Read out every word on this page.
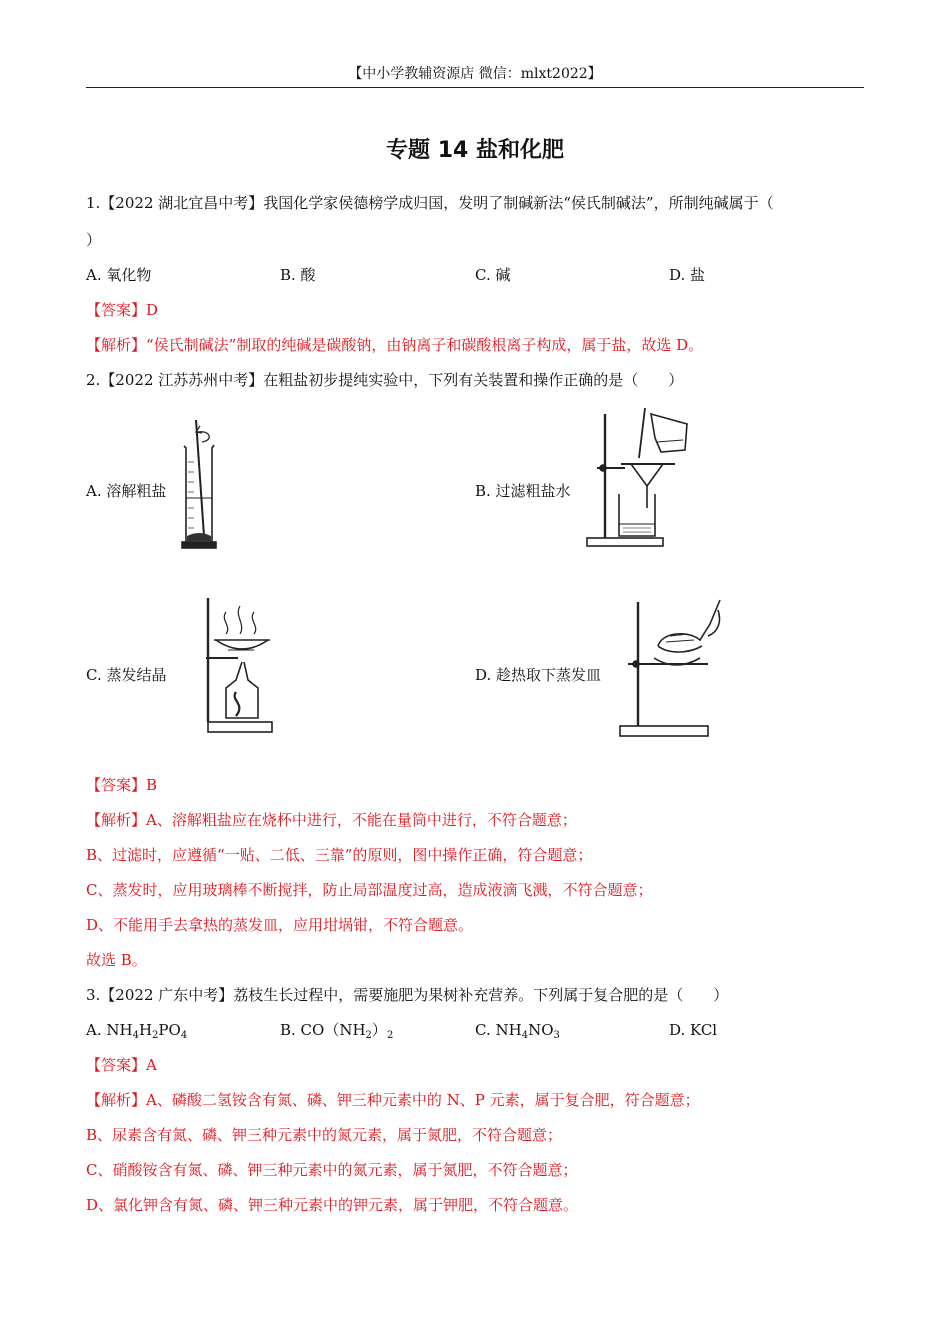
【中小学教辅资源店 微信：mlxt2022】
专题 14 盐和化肥
1.【2022 湖北宜昌中考】我国化学家侯德榜学成归国，发明了制碱新法“侯氏制碱法”，所制纯碱属于（
）
A. 氧化物	B. 酸	C. 碱	D. 盐
【答案】D
【解析】“侯氏制碱法”制取的纯碱是碳酸钠，由钠离子和碳酸根离子构成，属于盐，故选 D。
2.【2022 江苏苏州中考】在粗盐初步提纯实验中，下列有关装置和操作正确的是（　　）
A. 溶解粗盐	B. 过滤粗盐水
C. 蒸发结晶	D. 趁热取下蒸发皿
【答案】B
【解析】A、溶解粗盐应在烧杯中进行，不能在量筒中进行，不符合题意；
B、过滤时，应遵循“一贴、二低、三靠”的原则，图中操作正确，符合题意；
C、蒸发时，应用玻璃棒不断搅拌，防止局部温度过高，造成液滴飞溅，不符合题意；
D、不能用手去拿热的蒸发皿，应用坩埚钳，不符合题意。
故选 B。
3.【2022 广东中考】荔枝生长过程中，需要施肥为果树补充营养。下列属于复合肥的是（　　）
A. $NH_4H_2PO_4$	B. $CO(NH_2)_2$	C. $NH_4NO_3$	D. KCl
【答案】A
【解析】A、磷酸二氢铵含有氮、磷、钾三种元素中的 N、P 元素，属于复合肥，符合题意；
B、尿素含有氮、磷、钾三种元素中的氮元素，属于氮肥，不符合题意；
C、硝酸铵含有氮、磷、钾三种元素中的氮元素，属于氮肥，不符合题意；
D、氯化钾含有氮、磷、钾三种元素中的钾元素，属于钾肥，不符合题意。
